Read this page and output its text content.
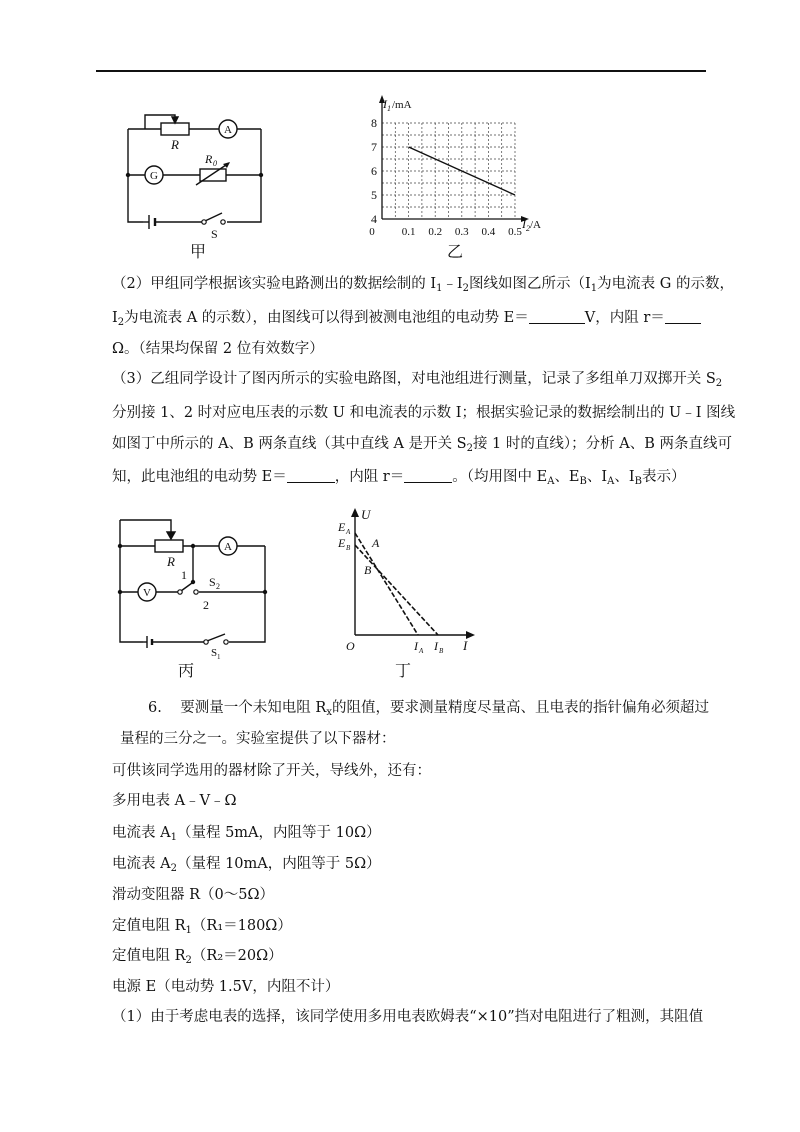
R
A
G
R 0
S
甲
8
7
6
5
4
0 0.1 0.2 0.3 0.4 0.5
I 1 /mA
I 2 /A
乙
（2）甲组同学根据该实验电路测出的数据绘制的 $I_1﹣I_2$图线如图乙所示（$I_1$为电流表 G 的示数，
$I_2$为电流表 A 的示数），由图线可以得到被测电池组的电动势 E＝	V，内阻 r＝
Ω。（结果均保留 2 位有效数字）
（3）乙组同学设计了图丙所示的实验电路图，对电池组进行测量，记录了多组单刀双掷开关 $S_2$
分别接 1、2 时对应电压表的示数 U 和电流表的示数 I；根据实验记录的数据绘制出的 U﹣I 图线
如图丁中所示的 A、B 两条直线（其中直线 A 是开关 $S_2$接 1 时的直线）；分析 A、B 两条直线可
知，此电池组的电动势 E＝	，内阻 r＝	。（均用图中 $E_A$、$E_B$、$I_A$、$I_B$表示）
R
A
V
1
2
S 2
S 1
丙
U
E A
E B A
B
O	I A I B I
丁
6. 要测量一个未知电阻 $R_x$的阻值，要求测量精度尽量高、且电表的指针偏角必须超过
量程的三分之一。实验室提供了以下器材：
可供该同学选用的器材除了开关，导线外，还有：
多用电表 A﹣V﹣Ω
电流表 $A_1$（量程 5mA，内阻等于 10Ω）
电流表 $A_2$（量程 10mA，内阻等于 5Ω）
滑动变阻器 R（0～5Ω）
定值电阻 $R_1(R_1=180\Omega)$
定值电阻 $R_2(R_2=20\Omega)$
电源 E（电动势 1.5V，内阻不计）
（1）由于考虑电表的选择，该同学使用多用电表欧姆表“×10”挡对电阻进行了粗测，其阻值
